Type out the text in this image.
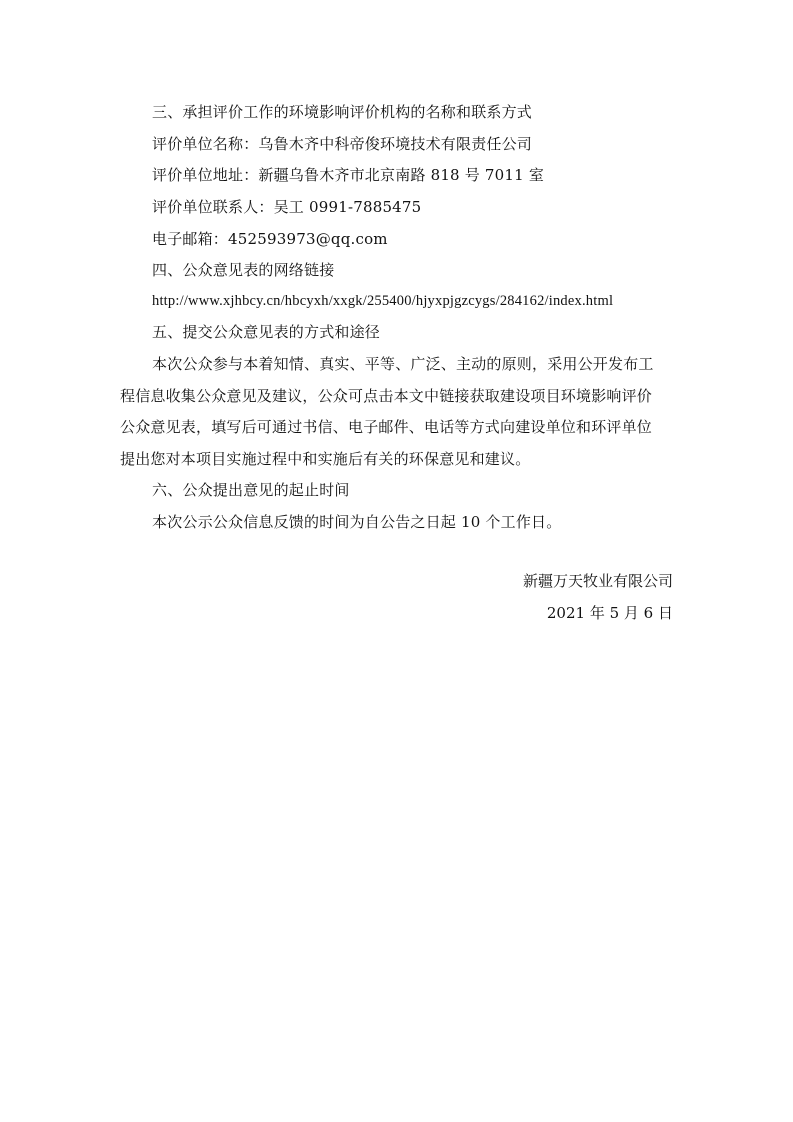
三、承担评价工作的环境影响评价机构的名称和联系方式
评价单位名称：乌鲁木齐中科帝俊环境技术有限责任公司
评价单位地址：新疆乌鲁木齐市北京南路 818 号 7011 室
评价单位联系人：吴工 0991-7885475
电子邮箱：452593973@qq.com
四、公众意见表的网络链接
http://www.xjhbcy.cn/hbcyxh/xxgk/255400/hjyxpjgzcygs/284162/index.html
五、提交公众意见表的方式和途径
本次公众参与本着知情、真实、平等、广泛、主动的原则，采用公开发布工
程信息收集公众意见及建议，公众可点击本文中链接获取建设项目环境影响评价
公众意见表，填写后可通过书信、电子邮件、电话等方式向建设单位和环评单位
提出您对本项目实施过程中和实施后有关的环保意见和建议。
六、公众提出意见的起止时间
本次公示公众信息反馈的时间为自公告之日起 10 个工作日。
新疆万天牧业有限公司
2021 年 5 月 6 日
